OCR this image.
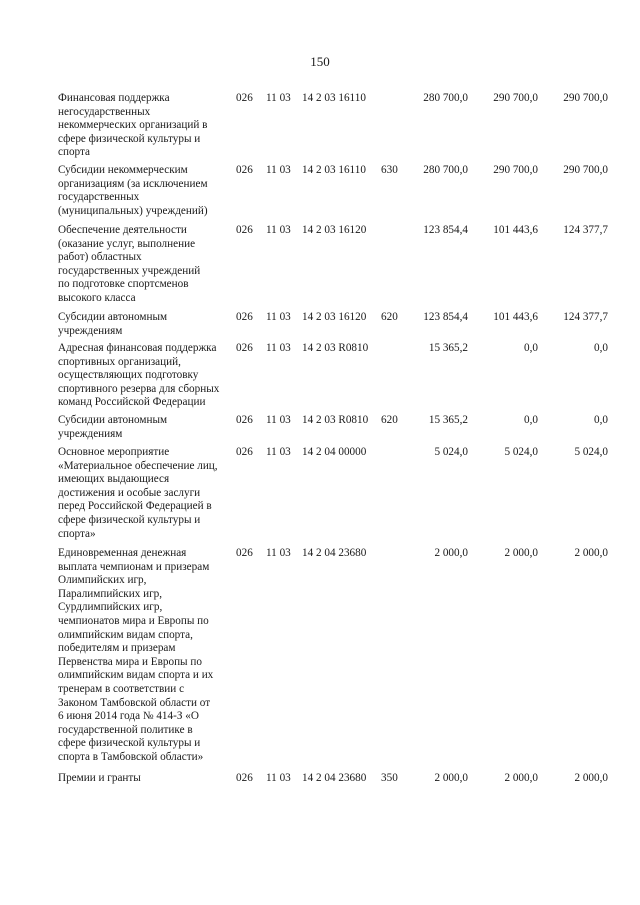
150
Финансовая поддержка
негосударственных
некоммерческих организаций в
сфере физической культуры и
спорта
026 11 03 14 2 03 16110	280 700,0	290 700,0	290 700,0
Субсидии некоммерческим
организациям (за исключением
государственных
(муниципальных) учреждений)
026 11 03 14 2 03 16110 630	280 700,0	290 700,0	290 700,0
Обеспечение деятельности
(оказание услуг, выполнение
работ) областных
государственных учреждений
по подготовке спортсменов
высокого класса
026 11 03 14 2 03 16120	123 854,4	101 443,6	124 377,7
Субсидии автономным
учреждениям
026 11 03 14 2 03 16120 620	123 854,4	101 443,6	124 377,7
Адресная финансовая поддержка
спортивных организаций,
осуществляющих подготовку
спортивного резерва для сборных
команд Российской Федерации
026 11 03 14 2 03 R0810	15 365,2	0,0	0,0
Субсидии автономным
учреждениям
026 11 03 14 2 03 R0810 620	15 365,2	0,0	0,0
Основное мероприятие
«Материальное обеспечение лиц,
имеющих выдающиеся
достижения и особые заслуги
перед Российской Федерацией в
сфере физической культуры и
спорта»
026 11 03 14 2 04 00000	5 024,0	5 024,0	5 024,0
Единовременная денежная
выплата чемпионам и призерам
Олимпийских игр,
Паралимпийских игр,
Сурдлимпийских игр,
чемпионатов мира и Европы по
олимпийским видам спорта,
победителям и призерам
Первенства мира и Европы по
олимпийским видам спорта и их
тренерам в соответствии с
Законом Тамбовской области от
6 июня 2014 года № 414-З «О
государственной политике в
сфере физической культуры и
спорта в Тамбовской области»
026 11 03 14 2 04 23680	2 000,0	2 000,0	2 000,0
Премии и гранты	026 11 03 14 2 04 23680 350	2 000,0	2 000,0	2 000,0
